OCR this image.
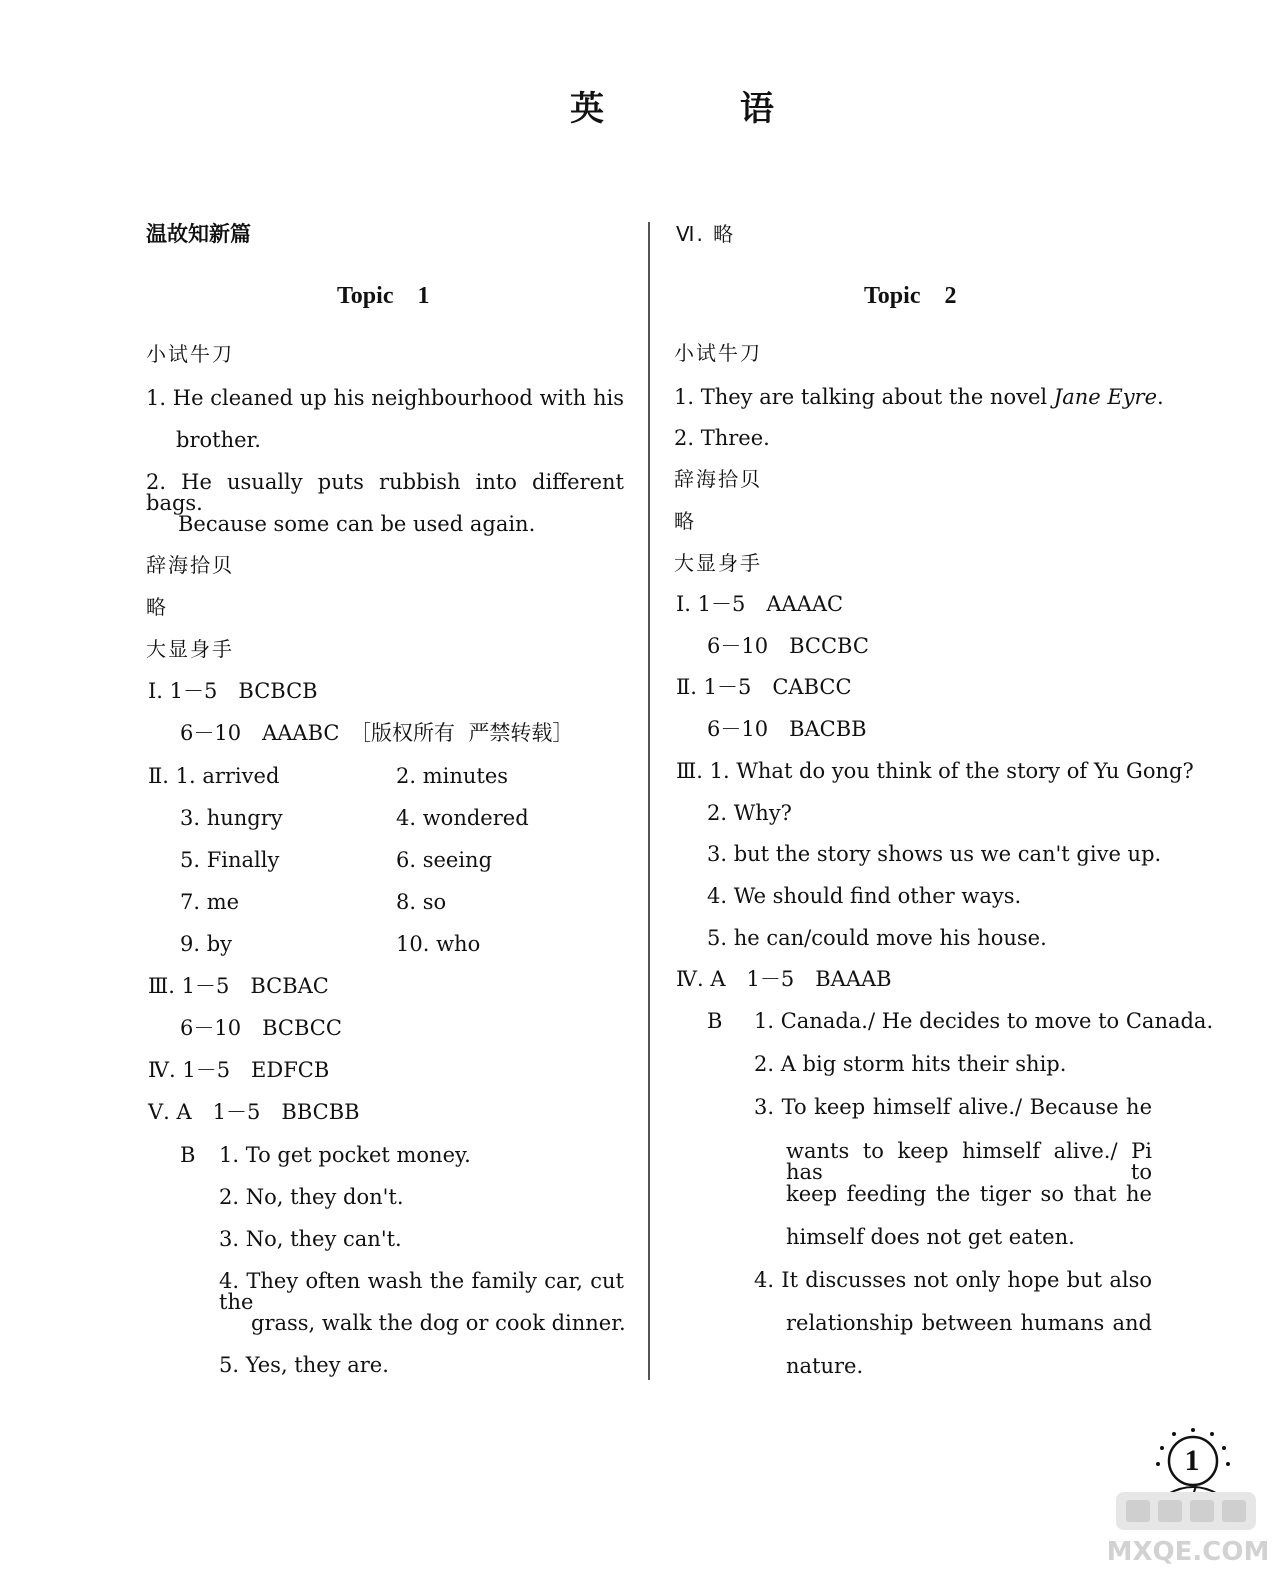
英 语
温故知新篇
Topic 1
小试牛刀
1. He cleaned up his neighbourhood with his
brother.
2. He usually puts rubbish into different bags.
Because some can be used again.
辞海拾贝
略
大显身手
Ⅰ. 1－5　BCBCB
6－10　AAABC　［版权所有  严禁转载］
Ⅱ. 1. arrived	2. minutes
3. hungry	4. wondered
5. Finally	6. seeing
7. me	8. so
9. by	10. who
Ⅲ. 1－5　BCBAC
6－10　BCBCC
Ⅳ. 1－5　EDFCB
Ⅴ. A　1－5　BBCBB
B 1. To get pocket money.
2. No, they don't.
3. No, they can't.
4. They often wash the family car, cut the
grass, walk the dog or cook dinner.
5. Yes, they are.
Ⅵ. 略
Topic 2
小试牛刀
1. They are talking about the novel Jane Eyre.
2. Three.
辞海拾贝
略
大显身手
Ⅰ. 1－5　AAAAC
6－10　BCCBC
Ⅱ. 1－5　CABCC
6－10　BACBB
Ⅲ. 1. What do you think of the story of Yu Gong?
2. Why?
3. but the story shows us we can't give up.
4. We should find other ways.
5. he can/could move his house.
Ⅳ. A　1－5　BAAAB
B 1. Canada./ He decides to move to Canada.
2. A big storm hits their ship.
3. To keep himself alive./ Because he
wants to keep himself alive./ Pi has to
keep feeding the tiger so that he
himself does not get eaten.
4. It discusses not only hope but also
relationship between humans and
nature.
1
MXQE.COM
